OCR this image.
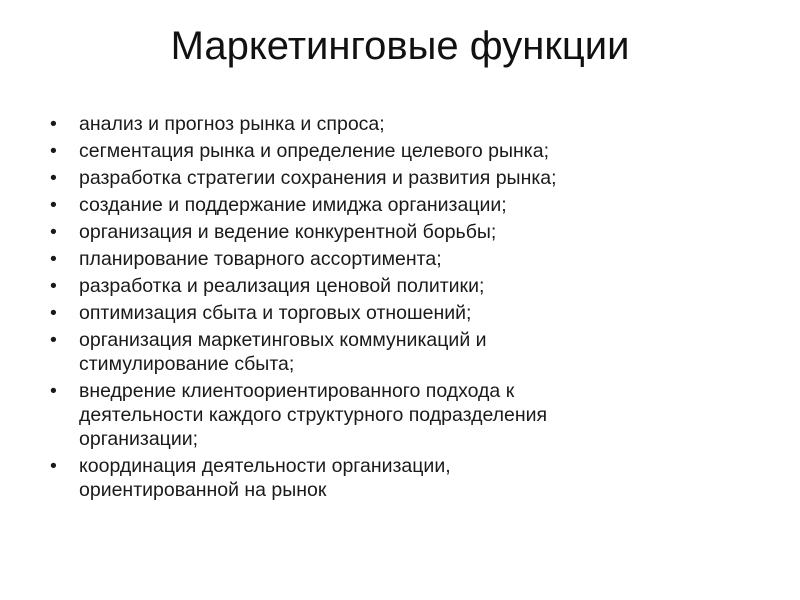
Маркетинговые функции
• анализ и прогноз рынка и спроса;
• сегментация рынка и определение целевого рынка;
• разработка стратегии сохранения и развития рынка;
• создание и поддержание имиджа организации;
• организация и ведение конкурентной борьбы;
• планирование товарного ассортимента;
• разработка и реализация ценовой политики;
• оптимизация сбыта и торговых отношений;
• организация маркетинговых коммуникаций и
стимулирование сбыта;
• внедрение клиентоориентированного подхода к
деятельности каждого структурного подразделения
организации;
• координация деятельности организации,
ориентированной на рынок
